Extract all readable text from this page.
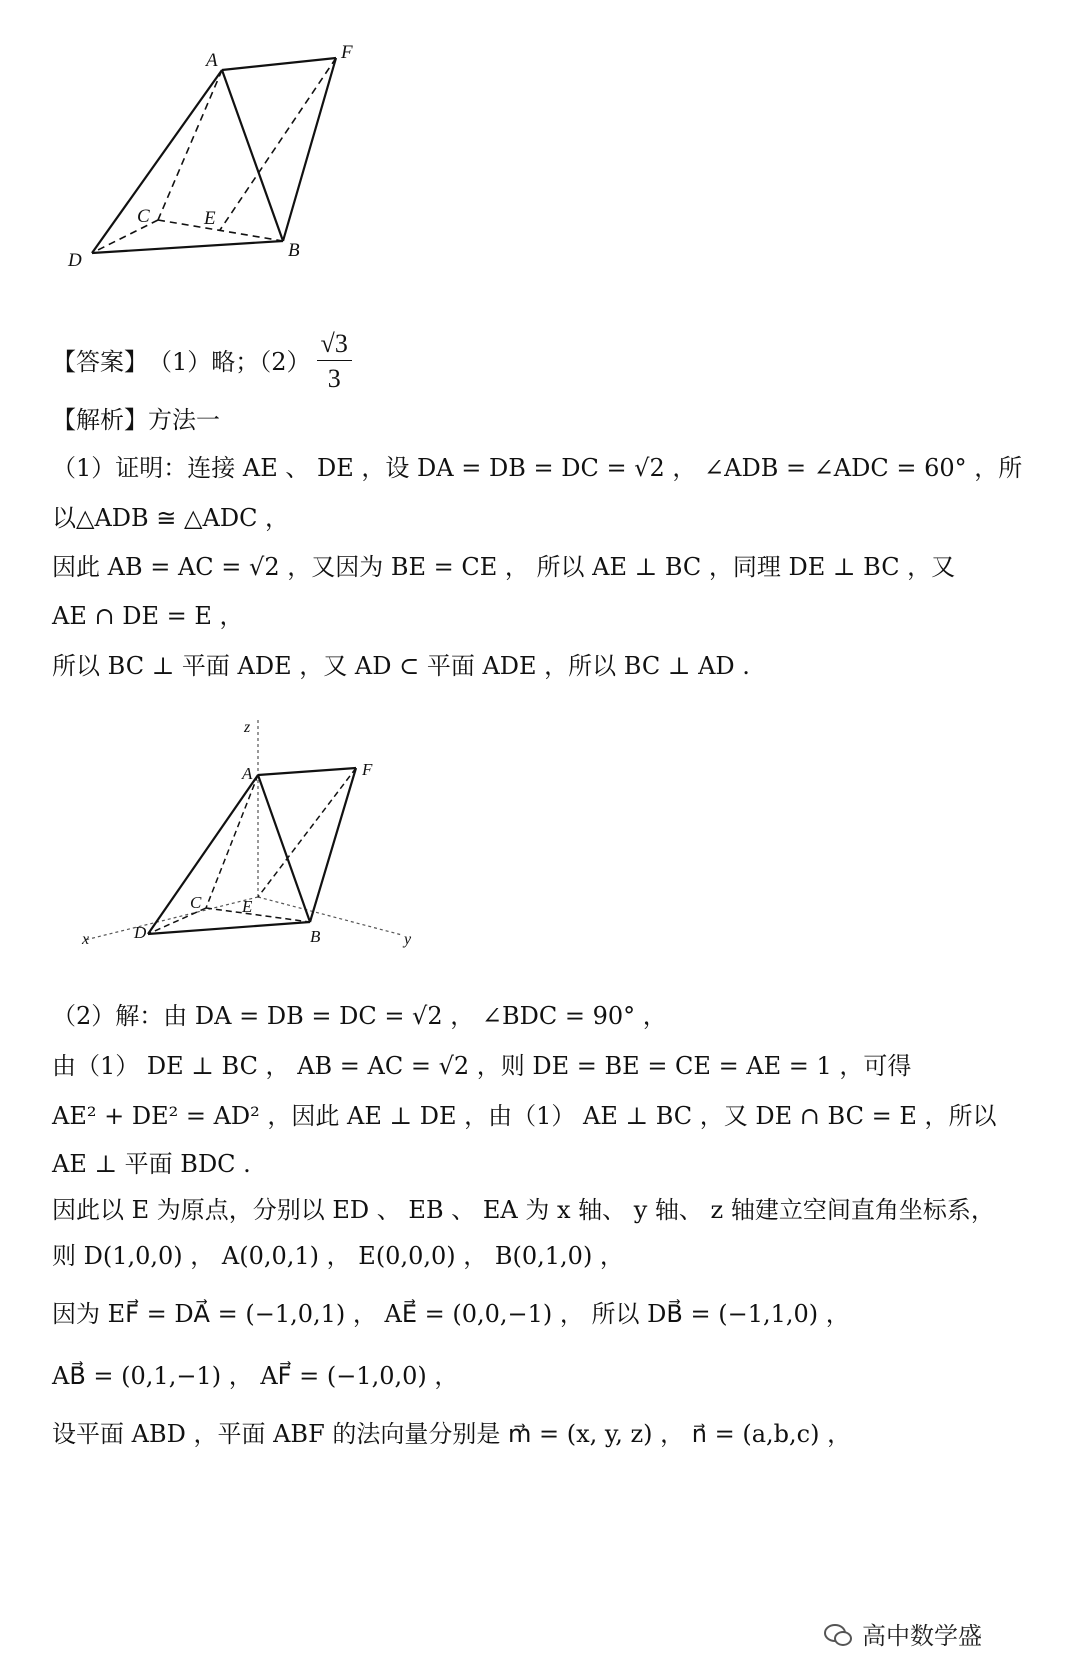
A	F
C	E
D	B
【答案】 （1）略；$(2) \frac{√3}{3}$
【解析】方法一
（1）证明：连接 AE 、 DE ，设 DA = DB = DC = √2 ， ∠ADB = ∠ADC = 60° ，所
以△ADB ≅ △ADC ，
因此 AB = AC = √2 ，又因为 BE = CE ， 所以 AE ⊥ BC ，同理 DE ⊥ BC ，又
AE ∩ DE = E ，
所以 BC ⊥ 平面 ADE ，又 AD ⊂ 平面 ADE ，所以 BC ⊥ AD .
z
A	F
C E
D	B
x	y
（2）解：由 DA = DB = DC = √2 ， ∠BDC = 90° ，
由（1） DE ⊥ BC ， AB = AC = √2 ，则 DE = BE = CE = AE = 1 ，可得
AE² + DE² = AD² ，因此 AE ⊥ DE ，由（1） AE ⊥ BC ，又 DE ∩ BC = E ，所以
AE ⊥ 平面 BDC .
因此以 E 为原点，分别以 ED 、 EB 、 EA 为 x 轴、 y 轴、 z 轴建立空间直角坐标系，
则 D(1,0,0) ， A(0,0,1) ， E(0,0,0) ， B(0,1,0) ，
因为 EF⃗ = DA⃗ = (−1,0,1) ， AE⃗ = (0,0,−1) ， 所以 DB⃗ = (−1,1,0) ，
AB⃗ = (0,1,−1) ， AF⃗ = (−1,0,0) ，
设平面 ABD ，平面 ABF 的法向量分别是 m⃗ = (x, y, z) ， n⃗ = (a,b,c) ，
高中数学盛
